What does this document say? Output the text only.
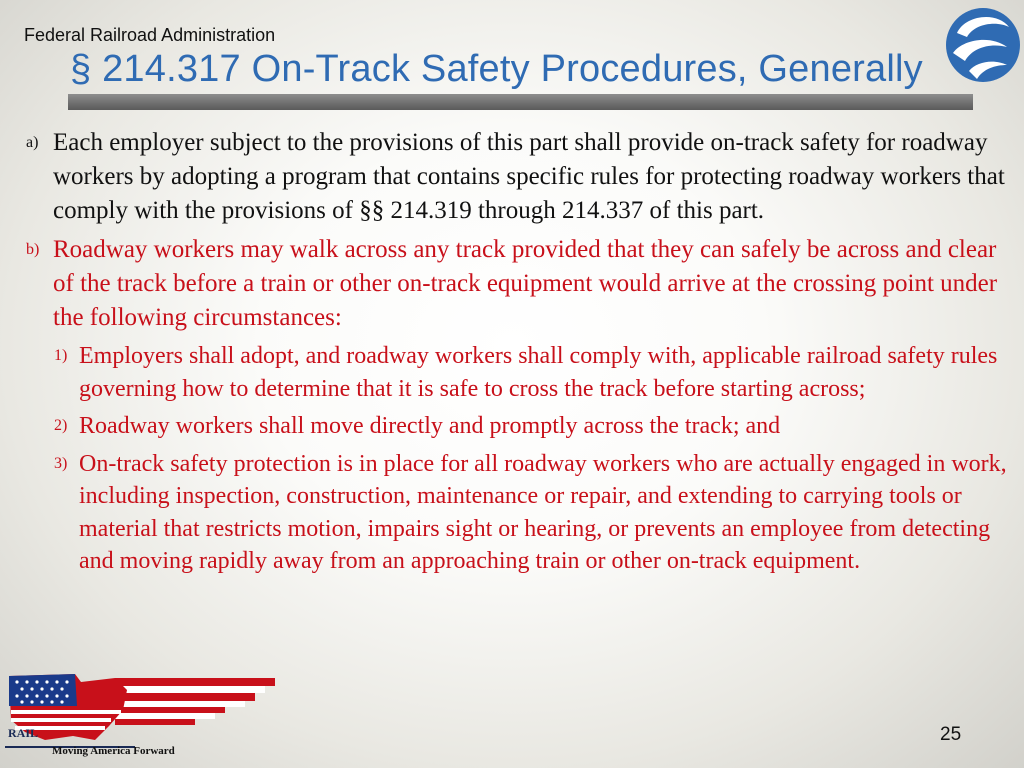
Federal Railroad Administration
§ 214.317 On-Track Safety Procedures, Generally
a) Each employer subject to the provisions of this part shall provide on-track safety for roadway workers by adopting a program that contains specific rules for protecting roadway workers that comply with the provisions of §§ 214.319 through 214.337 of this part.
b) Roadway workers may walk across any track provided that they can safely be across and clear of the track before a train or other on-track equipment would arrive at the crossing point under the following circumstances:
1) Employers shall adopt, and roadway workers shall comply with, applicable railroad safety rules governing how to determine that it is safe to cross the track before starting across;
2) Roadway workers shall move directly and promptly across the track; and
3) On-track safety protection is in place for all roadway workers who are actually engaged in work, including inspection, construction, maintenance or repair, and extending to carrying tools or material that restricts motion, impairs sight or hearing, or prevents an employee from detecting and moving rapidly away from an approaching train or other on-track equipment.
RAIL
Moving America Forward
25
